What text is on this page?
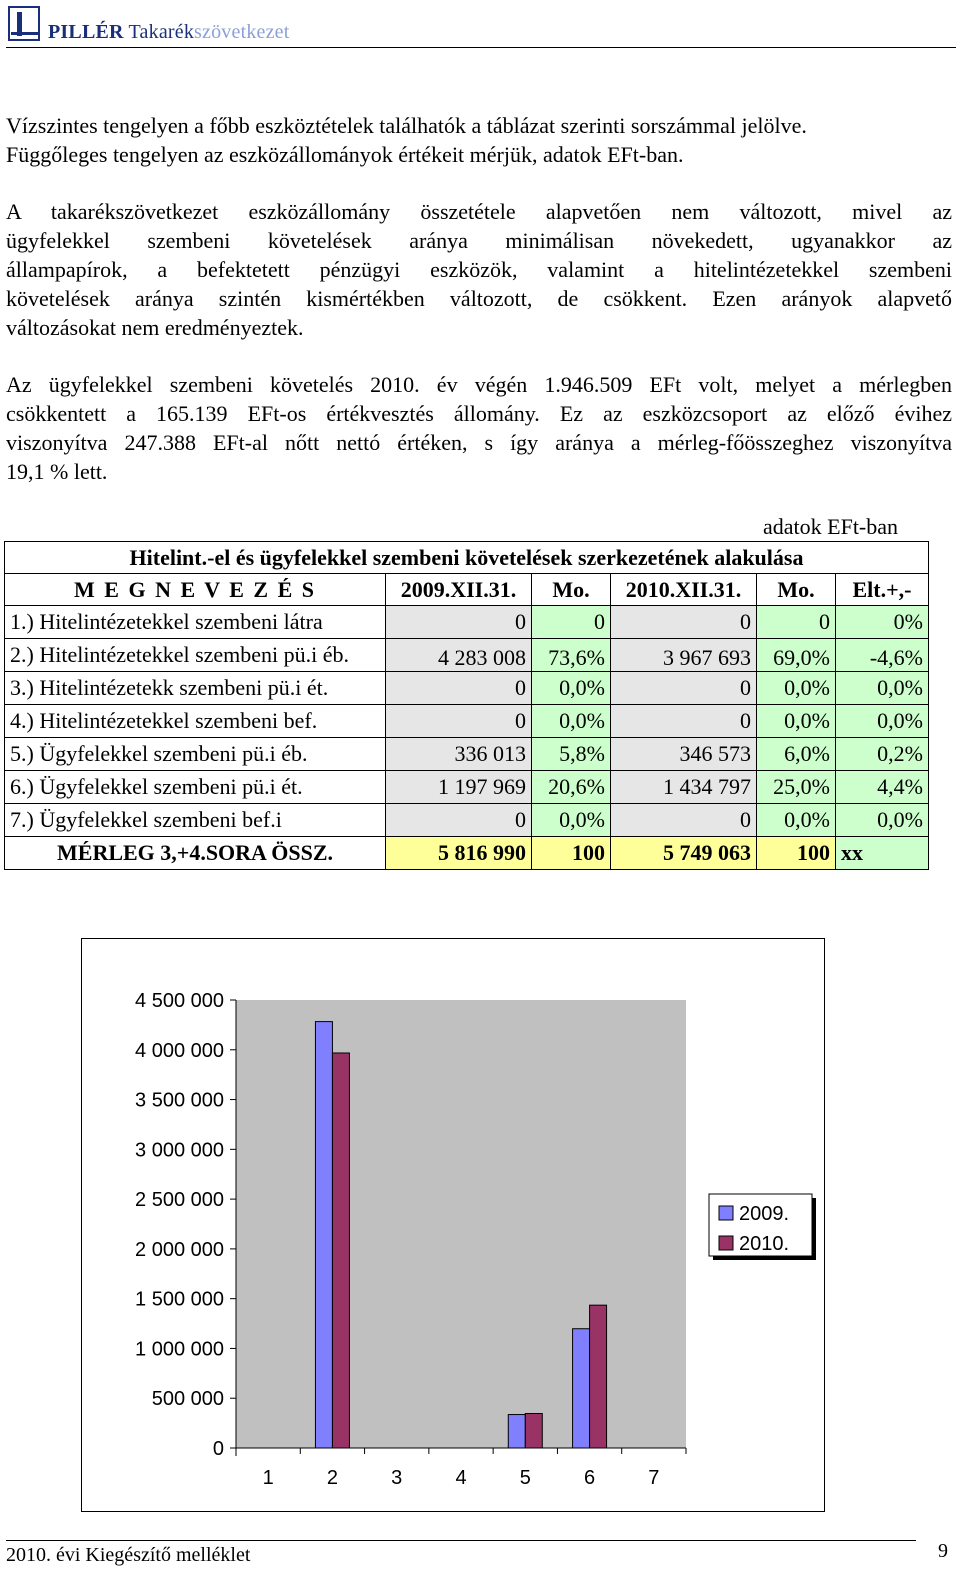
PILLÉR Takarékszövetkezet
Vízszintes tengelyen a főbb eszköztételek találhatók a táblázat szerinti sorszámmal jelölve.
Függőleges tengelyen az eszközállományok értékeit mérjük, adatok EFt-ban.
A takarékszövetkezet eszközállomány összetétele alapvetően nem változott, mivel az
ügyfelekkel szembeni követelések aránya minimálisan növekedett, ugyanakkor az
állampapírok, a befektetett pénzügyi eszközök, valamint a hitelintézetekkel szembeni
követelések aránya szintén kismértékben változott, de csökkent. Ezen arányok alapvető
változásokat nem eredményeztek.
Az ügyfelekkel szembeni követelés 2010. év végén 1.946.509 EFt volt, melyet a mérlegben
csökkentett a 165.139 EFt-os értékvesztés állomány. Ez az eszközcsoport az előző évihez
viszonyítva 247.388 EFt-al nőtt nettó értéken, s így aránya a mérleg-főösszeghez viszonyítva
19,1 % lett.
adatok EFt-ban
Hitelint.-el és ügyfelekkel szembeni követelések szerkezetének alakulása					
M E G N E V E Z É S	2009.XII.31.	Mo.	2010.XII.31.	Mo.	Elt.+,-
1.) Hitelintézetekkel szembeni látra	0	0	0	0	0%
2.) Hitelintézetekkel szembeni pü.i éb.	4 283 008	73,6%	3 967 693	69,0%	-4,6%
3.) Hitelintézetekk szembeni pü.i ét.	0	0,0%	0	0,0%	0,0%
4.) Hitelintézetekkel szembeni bef.	0	0,0%	0	0,0%	0,0%
5.) Ügyfelekkel szembeni pü.i éb.	336 013	5,8%	346 573	6,0%	0,2%
6.) Ügyfelekkel szembeni pü.i ét.	1 197 969	20,6%	1 434 797	25,0%	4,4%
7.) Ügyfelekkel szembeni bef.i	0	0,0%	0	0,0%	0,0%
MÉRLEG 3,+4.SORA ÖSSZ.	5 816 990	100	5 749 063	100	xx
0
500 000
1 000 000
1 500 000
2 000 000
2 500 000
3 000 000
3 500 000
4 000 000
4 500 000
1	2	3	4	5	6	7
2009.
2010.
2010. évi Kiegészítő melléklet	9
